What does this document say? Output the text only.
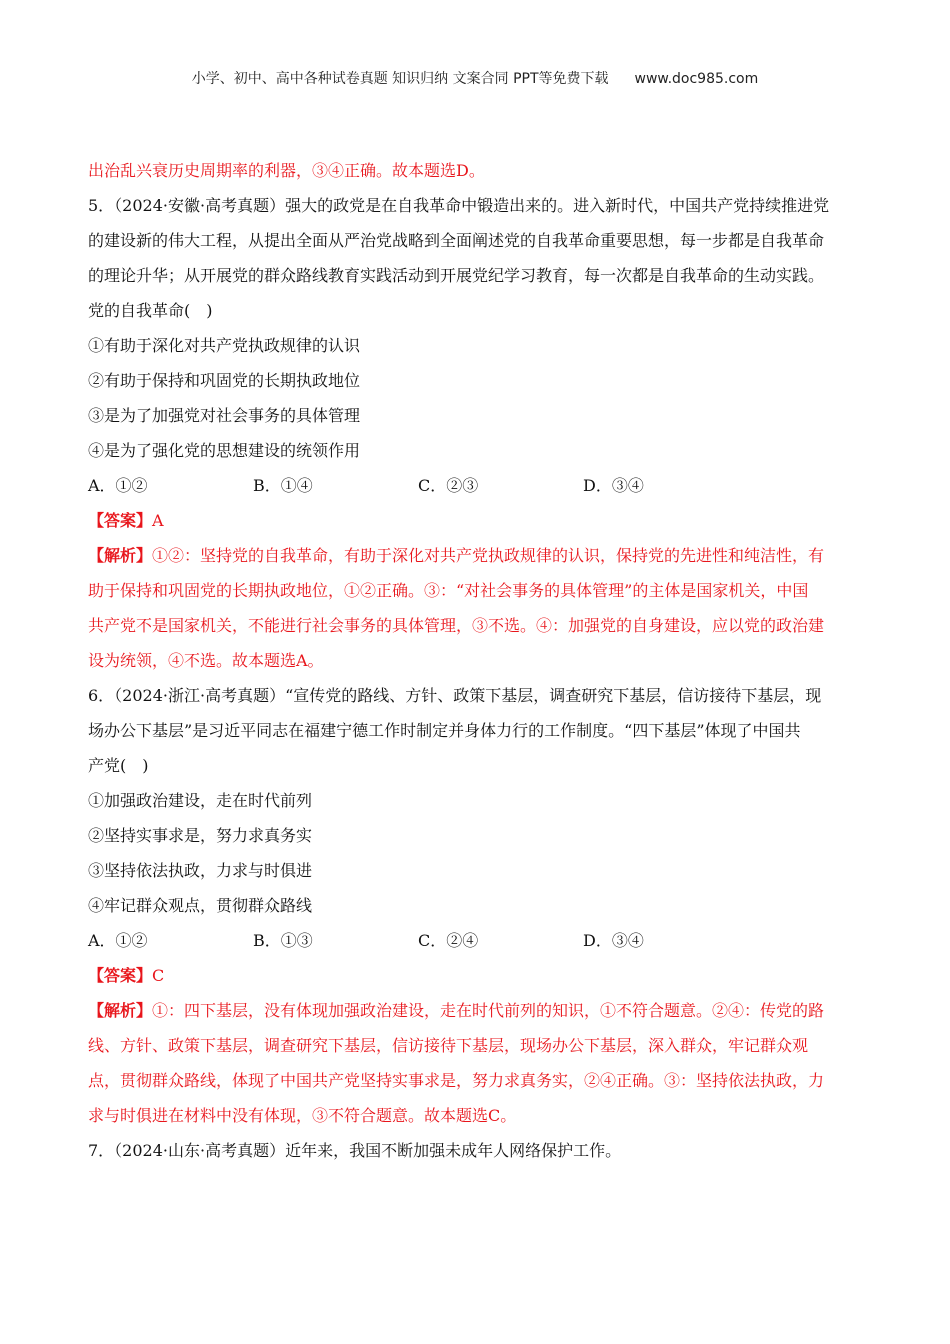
小学、初中、高中各种试卷真题 知识归纳 文案合同 PPT等免费下载 www.doc985.com
出治乱兴衰历史周期率的利器，③④正确。故本题选D。
5．（2024·安徽·高考真题）强大的政党是在自我革命中锻造出来的。进入新时代，中国共产党持续推进党
的建设新的伟大工程，从提出全面从严治党战略到全面阐述党的自我革命重要思想，每一步都是自我革命
的理论升华；从开展党的群众路线教育实践活动到开展党纪学习教育，每一次都是自我革命的生动实践。
党的自我革命(　)
①有助于深化对共产党执政规律的认识
②有助于保持和巩固党的长期执政地位
③是为了加强党对社会事务的具体管理
④是为了强化党的思想建设的统领作用
A．①②	B．①④	C．②③	D．③④
【答案】A
【解析】①②：坚持党的自我革命，有助于深化对共产党执政规律的认识，保持党的先进性和纯洁性，有
助于保持和巩固党的长期执政地位，①②正确。③：“对社会事务的具体管理”的主体是国家机关，中国
共产党不是国家机关，不能进行社会事务的具体管理，③不选。④：加强党的自身建设，应以党的政治建
设为统领，④不选。故本题选A。
6．（2024·浙江·高考真题）“宣传党的路线、方针、政策下基层，调查研究下基层，信访接待下基层，现
场办公下基层”是习近平同志在福建宁德工作时制定并身体力行的工作制度。“四下基层”体现了中国共
产党(　)
①加强政治建设，走在时代前列
②坚持实事求是，努力求真务实
③坚持依法执政，力求与时俱进
④牢记群众观点，贯彻群众路线
A．①②	B．①③	C．②④	D．③④
【答案】C
【解析】①：四下基层，没有体现加强政治建设，走在时代前列的知识，①不符合题意。②④：传党的路
线、方针、政策下基层，调查研究下基层，信访接待下基层，现场办公下基层，深入群众，牢记群众观
点，贯彻群众路线，体现了中国共产党坚持实事求是，努力求真务实，②④正确。③：坚持依法执政，力
求与时俱进在材料中没有体现，③不符合题意。故本题选C。
7．（2024·山东·高考真题）近年来，我国不断加强未成年人网络保护工作。
